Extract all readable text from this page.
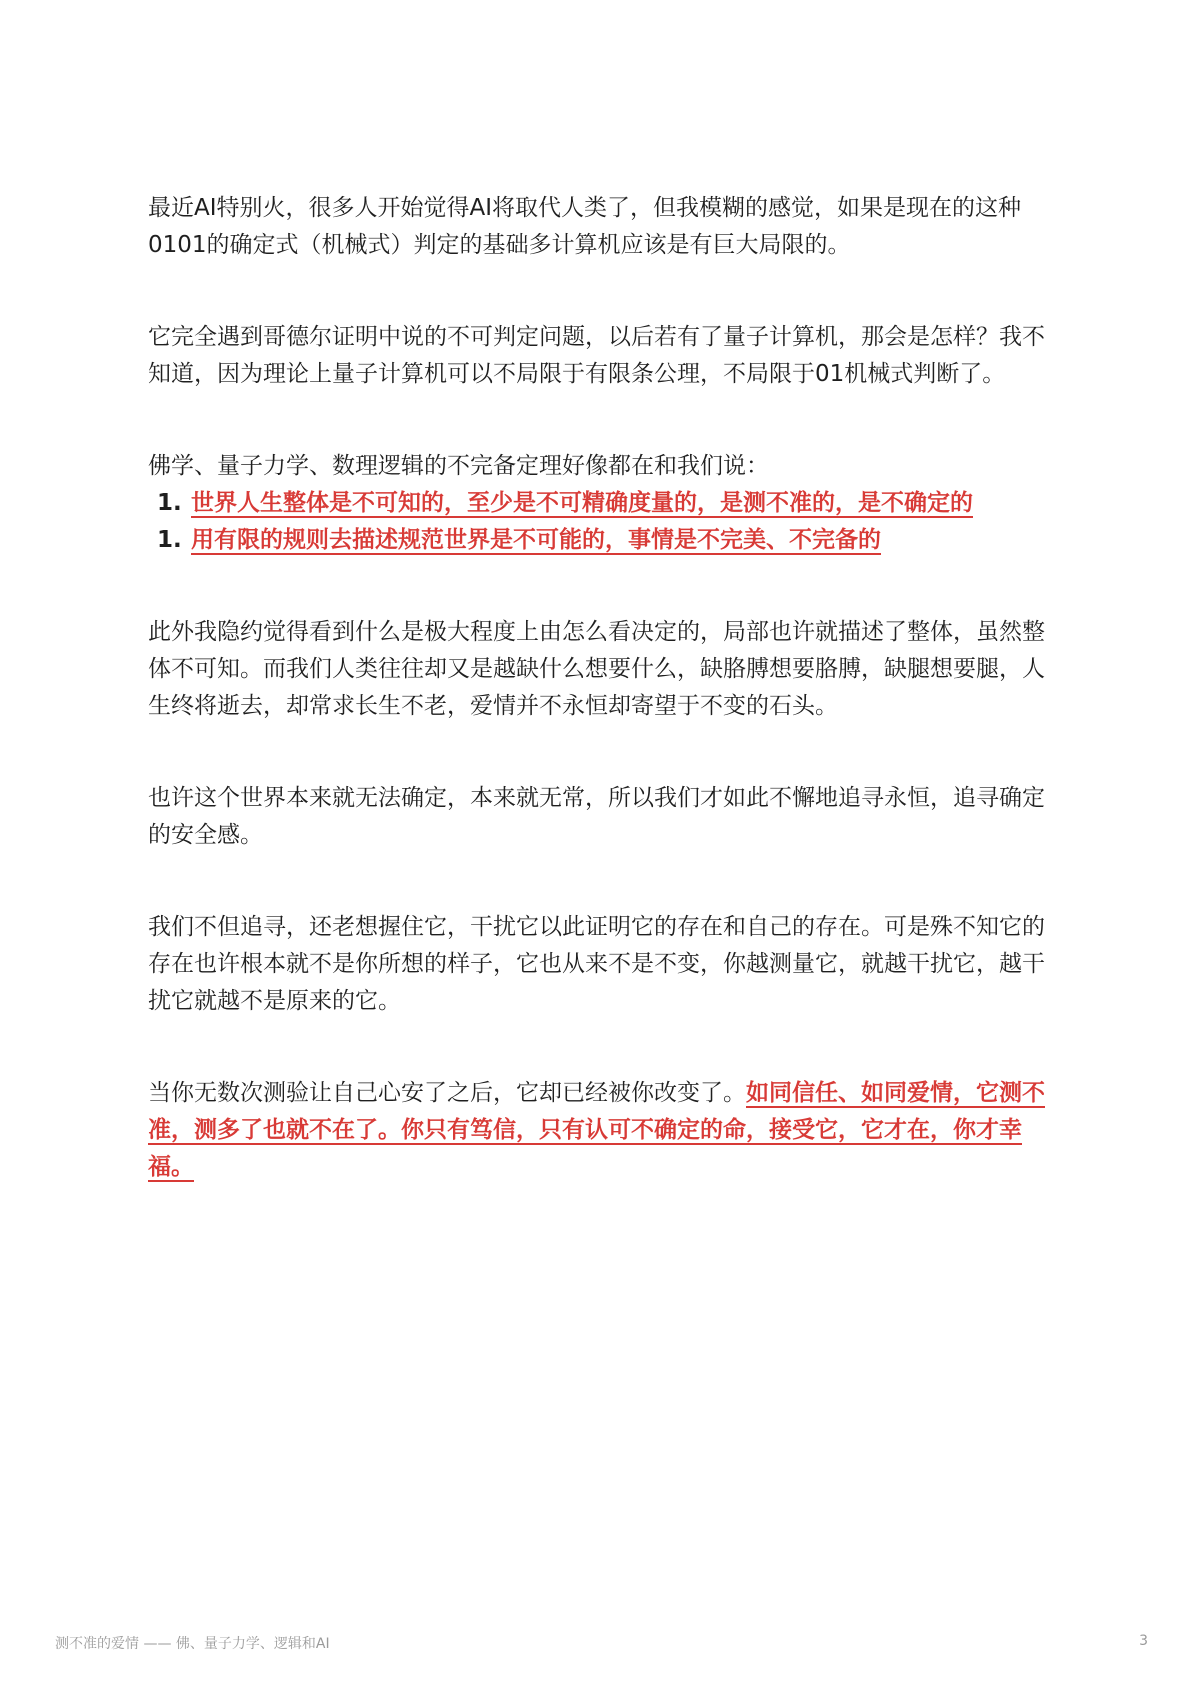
最近AI特别火，很多人开始觉得AI将取代人类了，但我模糊的感觉，如果是现在的这种0101的确定式（机械式）判定的基础多计算机应该是有巨大局限的。

它完全遇到哥德尔证明中说的不可判定问题，以后若有了量子计算机，那会是怎样？我不知道，因为理论上量子计算机可以不局限于有限条公理，不局限于01机械式判断了。

佛学、量子力学、数理逻辑的不完备定理好像都在和我们说：

1. 世界人生整体是不可知的，至少是不可精确度量的，是测不准的，是不确定的
1. 用有限的规则去描述规范世界是不可能的，事情是不完美、不完备的

此外我隐约觉得看到什么是极大程度上由怎么看决定的，局部也许就描述了整体，虽然整体不可知。而我们人类往往却又是越缺什么想要什么，缺胳膊想要胳膊，缺腿想要腿，人生终将逝去，却常求长生不老，爱情并不永恒却寄望于不变的石头。

也许这个世界本来就无法确定，本来就无常，所以我们才如此不懈地追寻永恒，追寻确定的安全感。

我们不但追寻，还老想握住它，干扰它以此证明它的存在和自己的存在。可是殊不知它的存在也许根本就不是你所想的样子，它也从来不是不变，你越测量它，就越干扰它，越干扰它就越不是原来的它。

当你无数次测验让自己心安了之后，它却已经被你改变了。如同信任、如同爱情，它测不准，测多了也就不在了。你只有笃信，只有认可不确定的命，接受它，它才在，你才幸福。

测不准的爱情 —— 佛、量子力学、逻辑和AI	3
